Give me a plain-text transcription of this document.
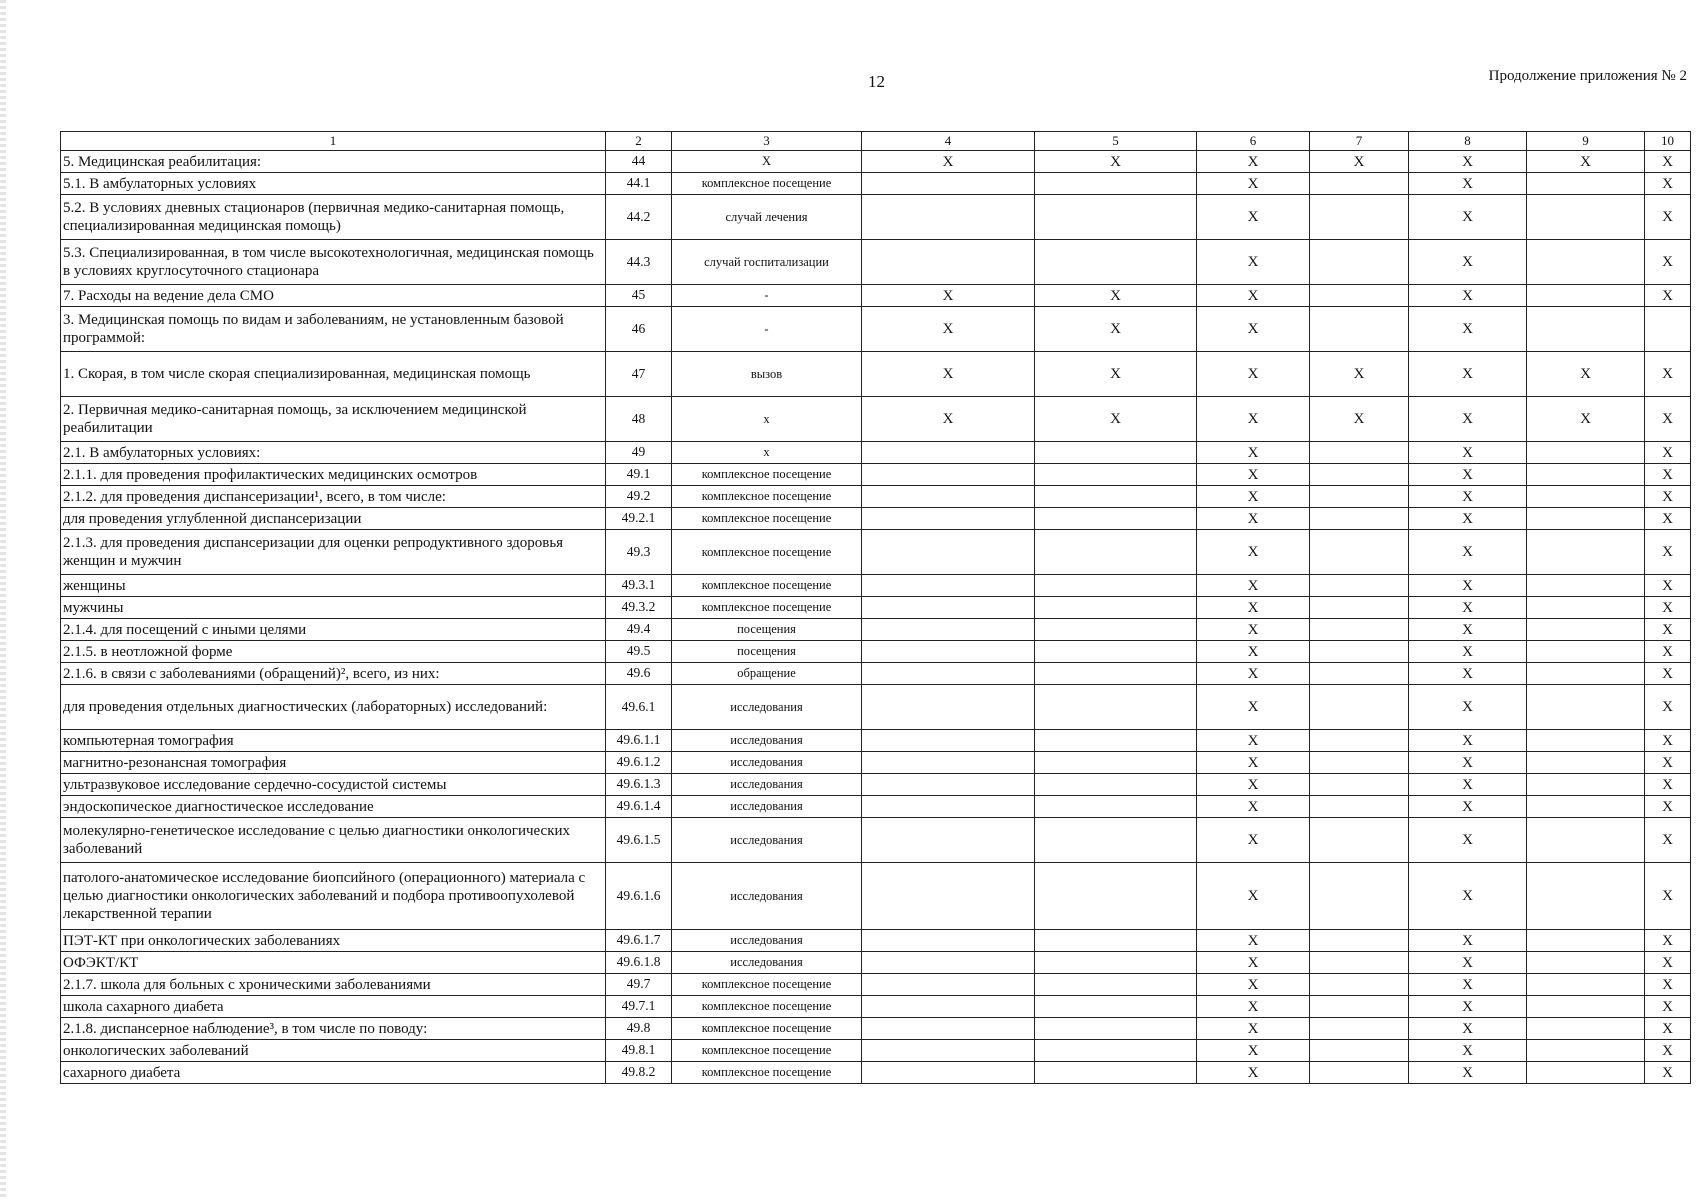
12	Продолжение приложения № 2
1	2	3	4	5	6	7	8	9	10
5. Медицинская реабилитация:	44	X	X	X	X	X	X	X	X
5.1. В амбулаторных условиях	44.1	комплексное посещение			X		X		X
5.2. В условиях дневных стационаров (первичная медико-санитарная помощь, специализированная медицинская помощь)	44.2	случай лечения			X		X		X
5.3. Специализированная, в том числе высокотехнологичная, медицинская помощь в условиях круглосуточного стационара	44.3	случай госпитализации			X		X		X
7. Расходы на ведение дела СМО	45	-	X	X	X		X		X
3. Медицинская помощь по видам и заболеваниям, не установленным базовой программой:	46	-	X	X	X		X		
1. Скорая, в том числе скорая специализированная, медицинская помощь	47	вызов	X	X	X	X	X	X	X
2. Первичная медико-санитарная помощь, за исключением медицинской реабилитации	48	х	X	X	X	X	X	X	X
2.1. В амбулаторных условиях:	49	х			X		X		X
2.1.1. для проведения профилактических медицинских осмотров	49.1	комплексное посещение			X		X		X
2.1.2. для проведения диспансеризации¹, всего, в том числе:	49.2	комплексное посещение			X		X		X
для проведения углубленной диспансеризации	49.2.1	комплексное посещение			X		X		X
2.1.3. для проведения диспансеризации для оценки репродуктивного здоровья женщин и мужчин	49.3	комплексное посещение			X		X		X
женщины	49.3.1	комплексное посещение			X		X		X
мужчины	49.3.2	комплексное посещение			X		X		X
2.1.4. для посещений с иными целями	49.4	посещения			X		X		X
2.1.5. в неотложной форме	49.5	посещения			X		X		X
2.1.6. в связи с заболеваниями (обращений)², всего, из них:	49.6	обращение			X		X		X
для проведения отдельных диагностических (лабораторных) исследований:	49.6.1	исследования			X		X		X
компьютерная томография	49.6.1.1	исследования			X		X		X
магнитно-резонансная томография	49.6.1.2	исследования			X		X		X
ультразвуковое исследование сердечно-сосудистой системы	49.6.1.3	исследования			X		X		X
эндоскопическое диагностическое исследование	49.6.1.4	исследования			X		X		X
молекулярно-генетическое исследование с целью диагностики онкологических заболеваний	49.6.1.5	исследования			X		X		X
патолого-анатомическое исследование биопсийного (операционного) материала с целью диагностики онкологических заболеваний и подбора противоопухолевой лекарственной терапии	49.6.1.6	исследования			X		X		X
ПЭТ-КТ при онкологических заболеваниях	49.6.1.7	исследования			X		X		X
ОФЭКТ/КТ	49.6.1.8	исследования			X		X		X
2.1.7. школа для больных с хроническими заболеваниями	49.7	комплексное посещение			X		X		X
школа сахарного диабета	49.7.1	комплексное посещение			X		X		X
2.1.8. диспансерное наблюдение³, в том числе по поводу:	49.8	комплексное посещение			X		X		X
онкологических заболеваний	49.8.1	комплексное посещение			X		X		X
сахарного диабета	49.8.2	комплексное посещение			X		X		X
